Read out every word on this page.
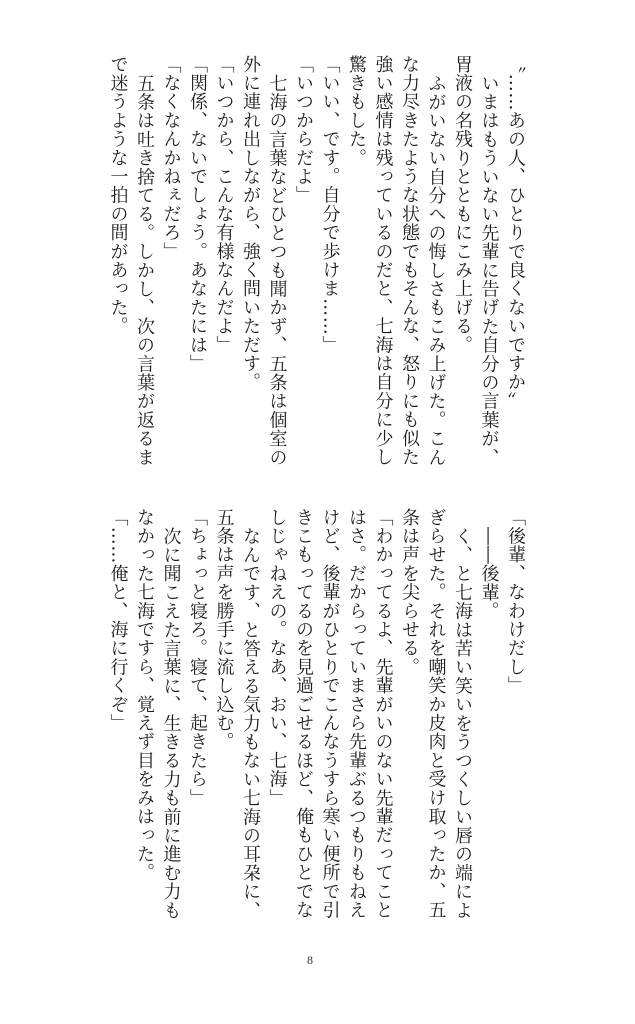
〝……あの人、ひとりで良くないですか〟

いまはもういない先輩に告げた自分の言葉が、

胃液の名残りとともにこみ上げる。

ふがいない自分への悔しさもこみ上げた。こん

な力尽きたような状態でもそんな、怒りにも似た

強い感情は残っているのだと、七海は自分に少し

驚きもした。

「いい、です。自分で歩けま……」

「いつからだよ」

七海の言葉などひとつも聞かず、五条は個室の

外に連れ出しながら、強く問いただす。

「いつから、こんな有様なんだよ」

「関係、ないでしょう。あなたには」

「なくなんかねぇだろ」

五条は吐き捨てる。しかし、次の言葉が返るま

で迷うような一拍の間があった。

「後輩、なわけだし」

――後輩。

く、と七海は苦い笑いをうつくしい唇の端によ

ぎらせた。それを嘲笑か皮肉と受け取ったか、五

条は声を尖らせる。

「わかってるよ、先輩がいのない先輩だってこと

はさ。だからっていまさら先輩ぶるつもりもねえ

けど、後輩がひとりでこんなうすら寒い便所で引

きこもってるのを見過ごせるほど、俺もひとでな

しじゃねえの。なあ、おい、七海」

なんです、と答える気力もない七海の耳朶に、

五条は声を勝手に流し込む。

「ちょっと寝ろ。寝て、起きたら」

次に聞こえた言葉に、生きる力も前に進む力も

なかった七海ですら、覚えず目をみはった。

「……俺と、海に行くぞ」

8
